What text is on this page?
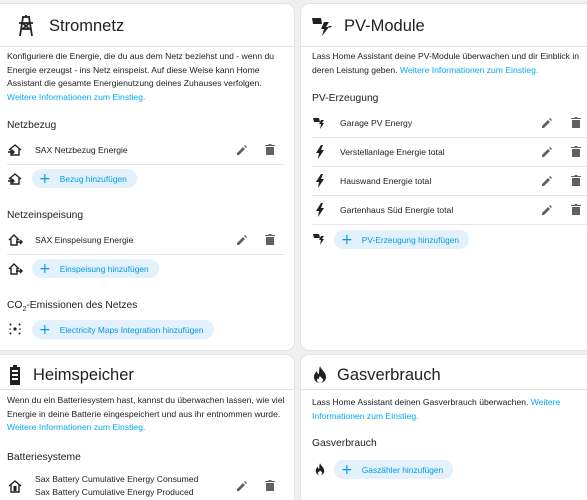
Stromnetz
Konfiguriere die Energie, die du aus dem Netz beziehst und - wenn du Energie erzeugst - ins Netz einspeist. Auf diese Weise kann Home Assistant die gesamte Energienutzung deines Zuhauses verfolgen.
Weitere Informationen zum Einstieg.
Netzbezug
SAX Netzbezug Energie
+ Bezug hinzufügen
Netzeinspeisung
SAX Einspeisung Energie
+ Einspeisung hinzufügen
$CO_2$-Emissionen des Netzes
+ Electricity Maps Integration hinzufügen
PV-Module
Lass Home Assistant deine PV-Module überwachen und dir Einblick in deren Leistung geben. Weitere Informationen zum Einstieg.
PV-Erzeugung
Garage PV Energy
Verstellanlage Energie total
Hauswand Energie total
Gartenhaus Süd Energie total
+ PV-Erzeugung hinzufügen
Heimspeicher
Wenn du ein Batteriesystem hast, kannst du überwachen lassen, wie viel Energie in deine Batterie eingespeichert und aus ihr entnommen wurde.
Weitere Informationen zum Einstieg.
Batteriesysteme
Sax Battery Cumulative Energy Consumed
Sax Battery Cumulative Energy Produced
Gasverbrauch
Lass Home Assistant deinen Gasverbrauch überwachen. Weitere Informationen zum Einstieg.
Gasverbrauch
+ Gaszähler hinzufügen
